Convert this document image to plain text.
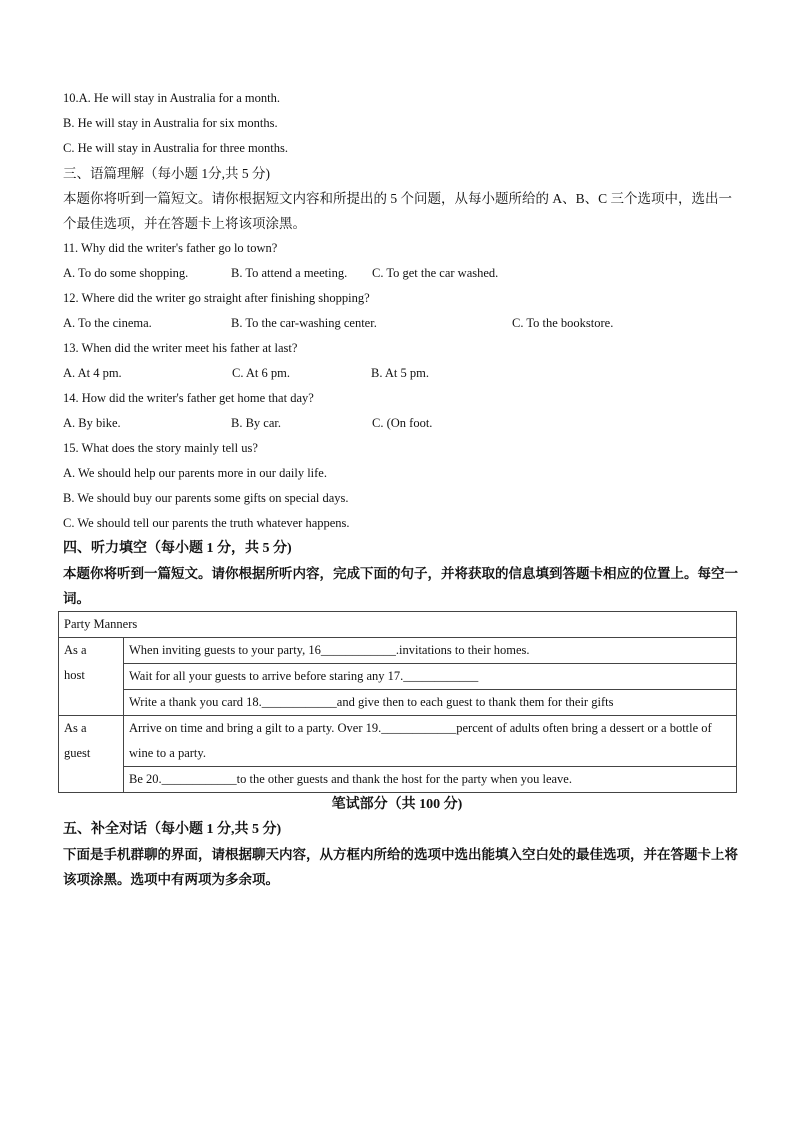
10.A. He will stay in Australia for a month.
B. He will stay in Australia for six months.
C. He will stay in Australia for three months.
三、语篇理解（每小题 1分,共 5 分)
本题你将听到一篇短文。请你根据短文内容和所提出的 5 个问题，从每小题所给的 A、B、C 三个选项中，选出一个最佳选项，并在答题卡上将该项涂黑。
11. Why did the writer's father go lo town?
A. To do some shopping.	B. To attend a meeting. C. To get the car washed.
12. Where did the writer go straight after finishing shopping?
A. To the cinema.	B. To the car-washing center.	C. To the bookstore.
13. When did the writer meet his father at last?
A. At 4 pm.	C. At 6 pm.	B. At 5 pm.
14. How did the writer's father get home that day?
A. By bike.	B. By car.	C. (On foot.
15. What does the story mainly tell us?
A. We should help our parents more in our daily life.
B. We should buy our parents some gifts on special days.
C. We should tell our parents the truth whatever happens.
四、听力填空（每小题 1 分，共 5 分)
本题你将听到一篇短文。请你根据所听内容，完成下面的句子，并将获取的信息填到答题卡相应的位置上。每空一词。
Party Manners	

As a
host	When inviting guests to your party, 16____________.invitations to their homes.
	Wait for all your guests to arrive before staring any 17.____________
	Write a thank you card 18.____________and give then to each guest to thank them for their gifts

As a
guest	Arrive on time and bring a gilt to a party. Over 19.____________percent of adults often bring a dessert or a bottle of wine to a party.
	Be 20.____________to the other guests and thank the host for the party when you leave.
笔试部分（共 100 分)
五、补全对话（每小题 1 分,共 5 分)
下面是手机群聊的界面，请根据聊天内容，从方框内所给的选项中选出能填入空白处的最佳选项，并在答题卡上将该项涂黑。选项中有两项为多余项。
